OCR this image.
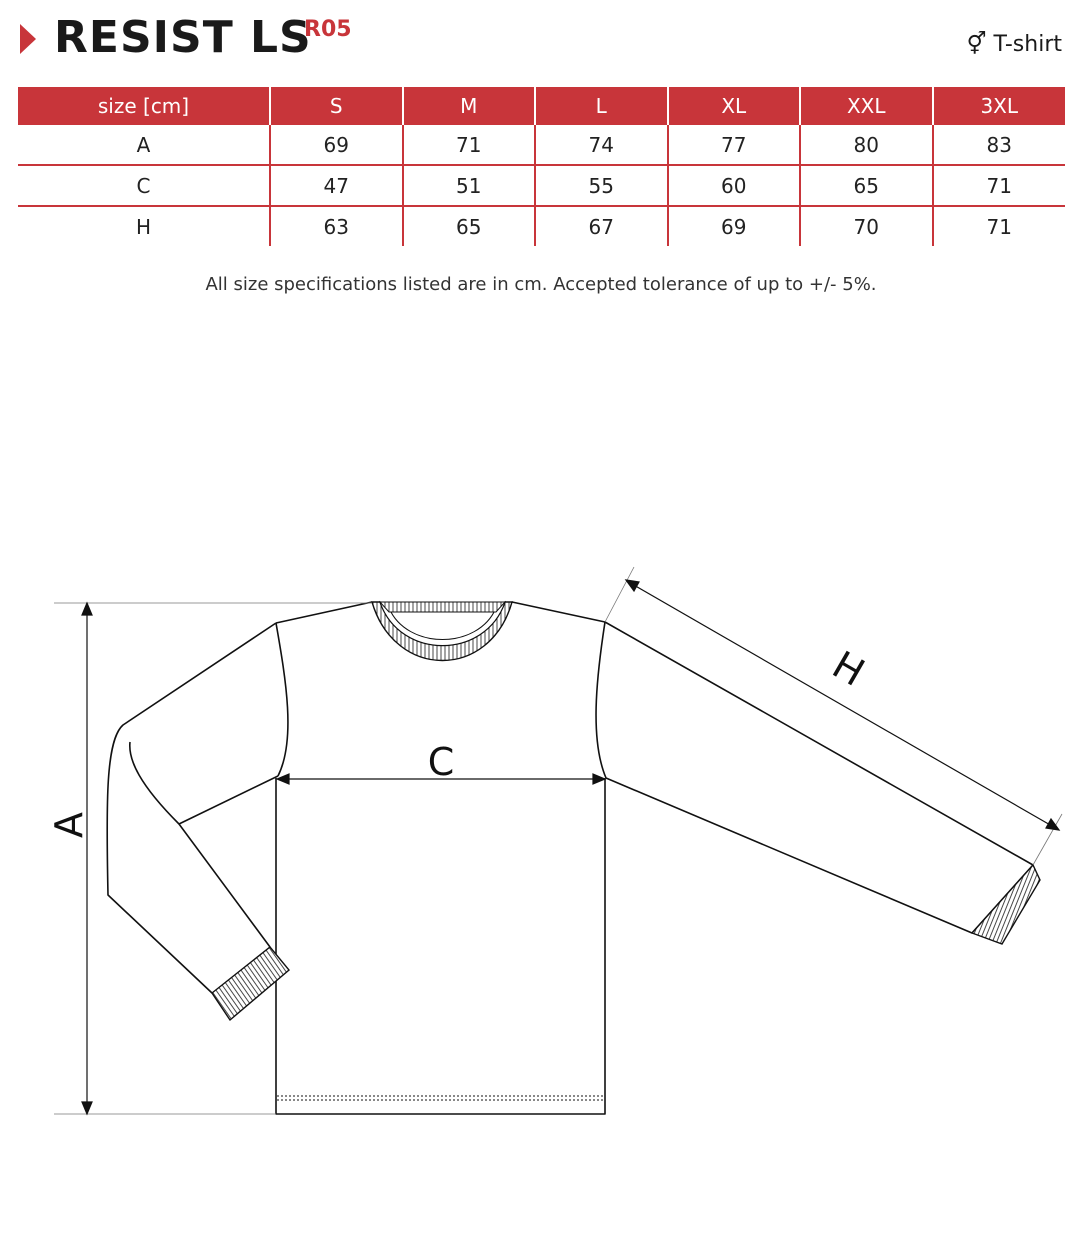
RESIST LS
R05
⚥ T-shirt
size [cm]	S	M	L	XL	XXL	3XL
A	69	71	74	77	80	83
C	47	51	55	60	65	71
H	63	65	67	69	70	71
All size specifications listed are in cm. Accepted tolerance of up to +/- 5%.
A
C
H
